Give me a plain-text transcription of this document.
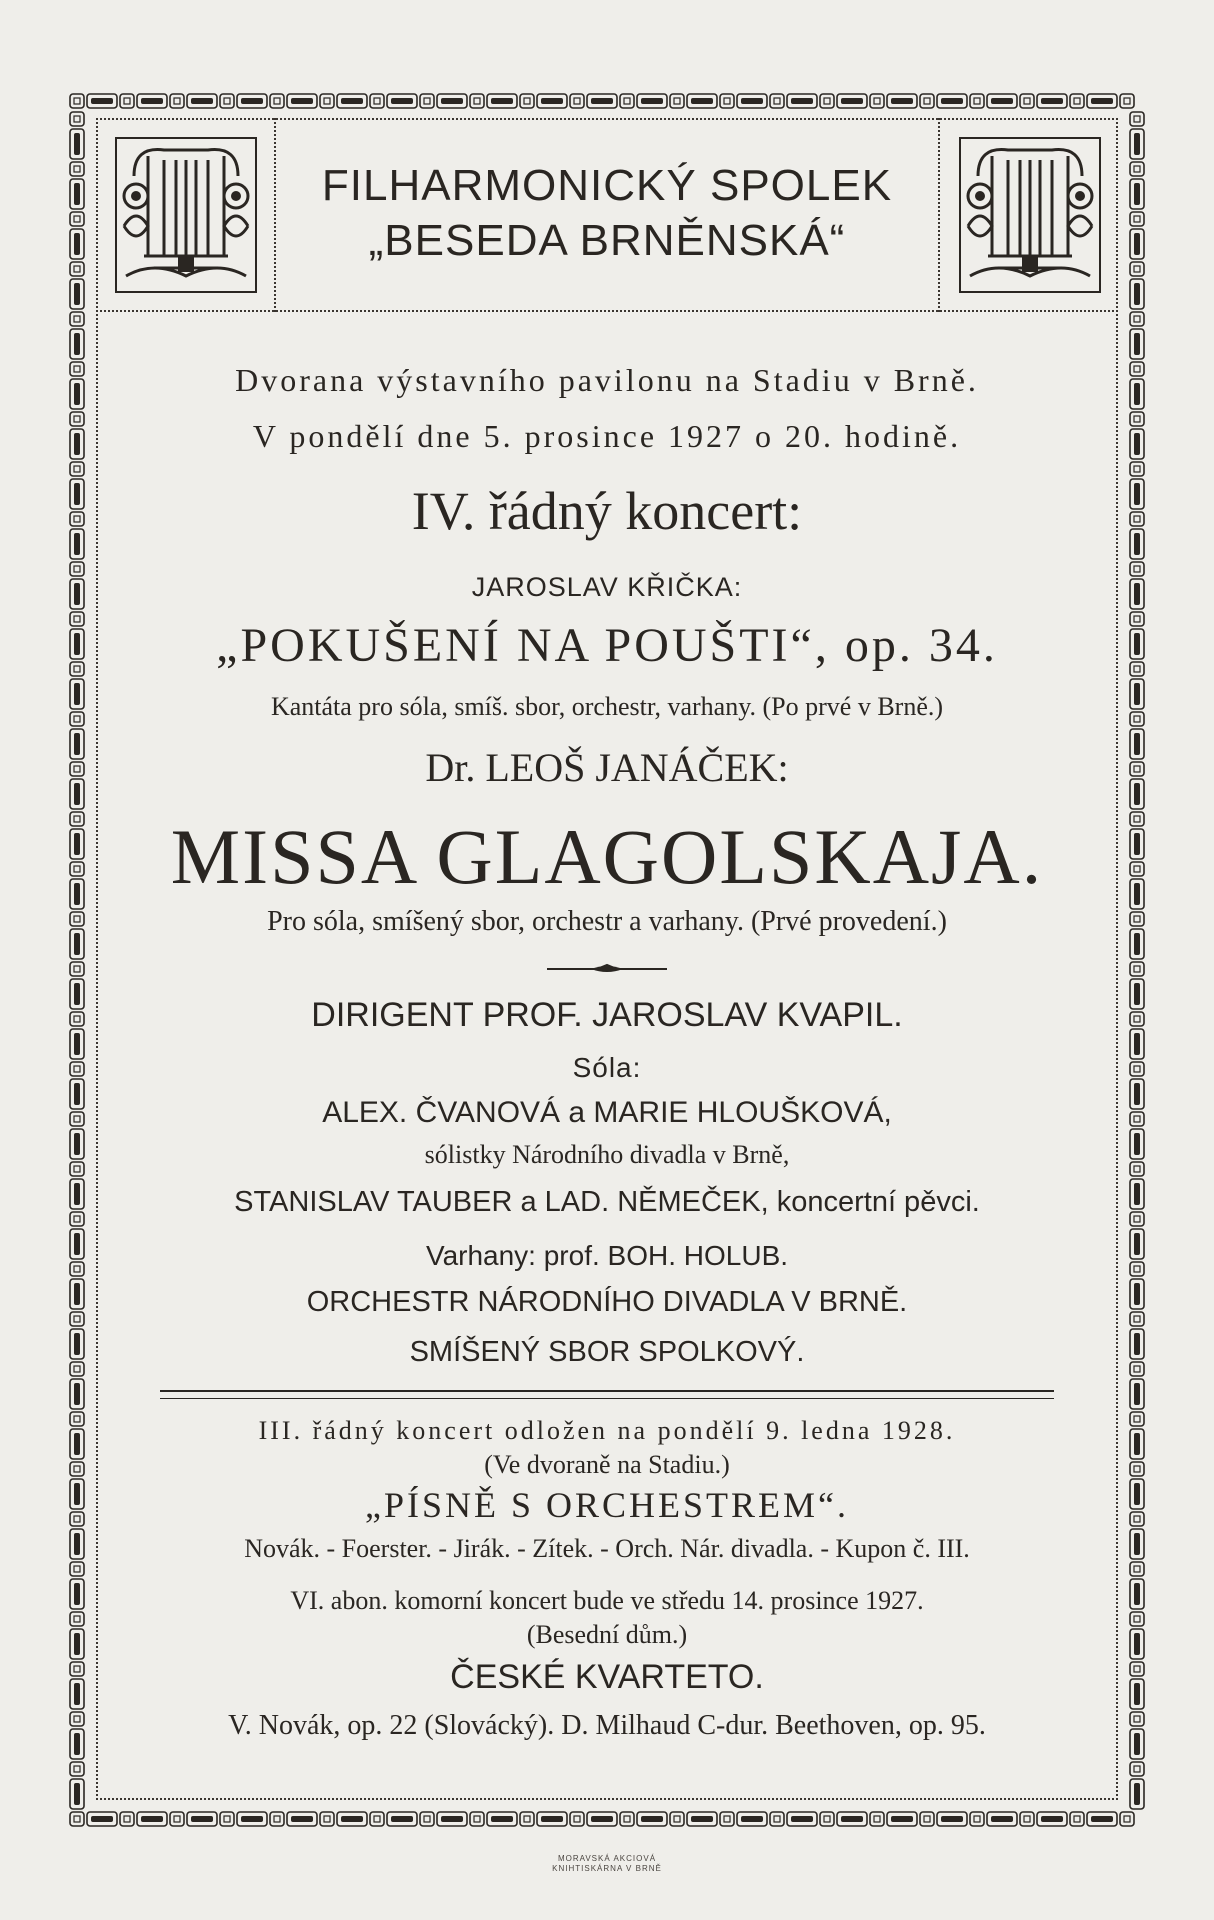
FILHARMONICKÝ SPOLEK
„BESEDA BRNĚNSKÁ“
Dvorana výstavního pavilonu na Stadiu v Brně.
V pondělí dne 5. prosince 1927 o 20. hodině.
IV. řádný koncert:
JAROSLAV KŘIČKA:
„POKUŠENÍ NA POUŠTI“, op. 34.
Kantáta pro sóla, smíš. sbor, orchestr, varhany. (Po prvé v Brně.)
Dr. LEOŠ JANÁČEK:
MISSA GLAGOLSKAJA.
Pro sóla, smíšený sbor, orchestr a varhany. (Prvé provedení.)
DIRIGENT PROF. JAROSLAV KVAPIL.
Sóla:
ALEX. ČVANOVÁ a MARIE HLOUŠKOVÁ,
sólistky Národního divadla v Brně,
STANISLAV TAUBER a LAD. NĚMEČEK, koncertní pěvci.
Varhany: prof. BOH. HOLUB.
ORCHESTR NÁRODNÍHO DIVADLA V BRNĚ.
SMÍŠENÝ SBOR SPOLKOVÝ.
III. řádný koncert odložen na pondělí 9. ledna 1928.
(Ve dvoraně na Stadiu.)
„PÍSNĚ S ORCHESTREM“.
Novák. - Foerster. - Jirák. - Zítek. - Orch. Nár. divadla. - Kupon č. III.
VI. abon. komorní koncert bude ve středu 14. prosince 1927.
(Besední dům.)
ČESKÉ KVARTETO.
V. Novák, op. 22 (Slovácký). D. Milhaud C-dur. Beethoven, op. 95.
MORAVSKÁ AKCIOVÁ
KNIHTISKÁRNA V BRNĚ
